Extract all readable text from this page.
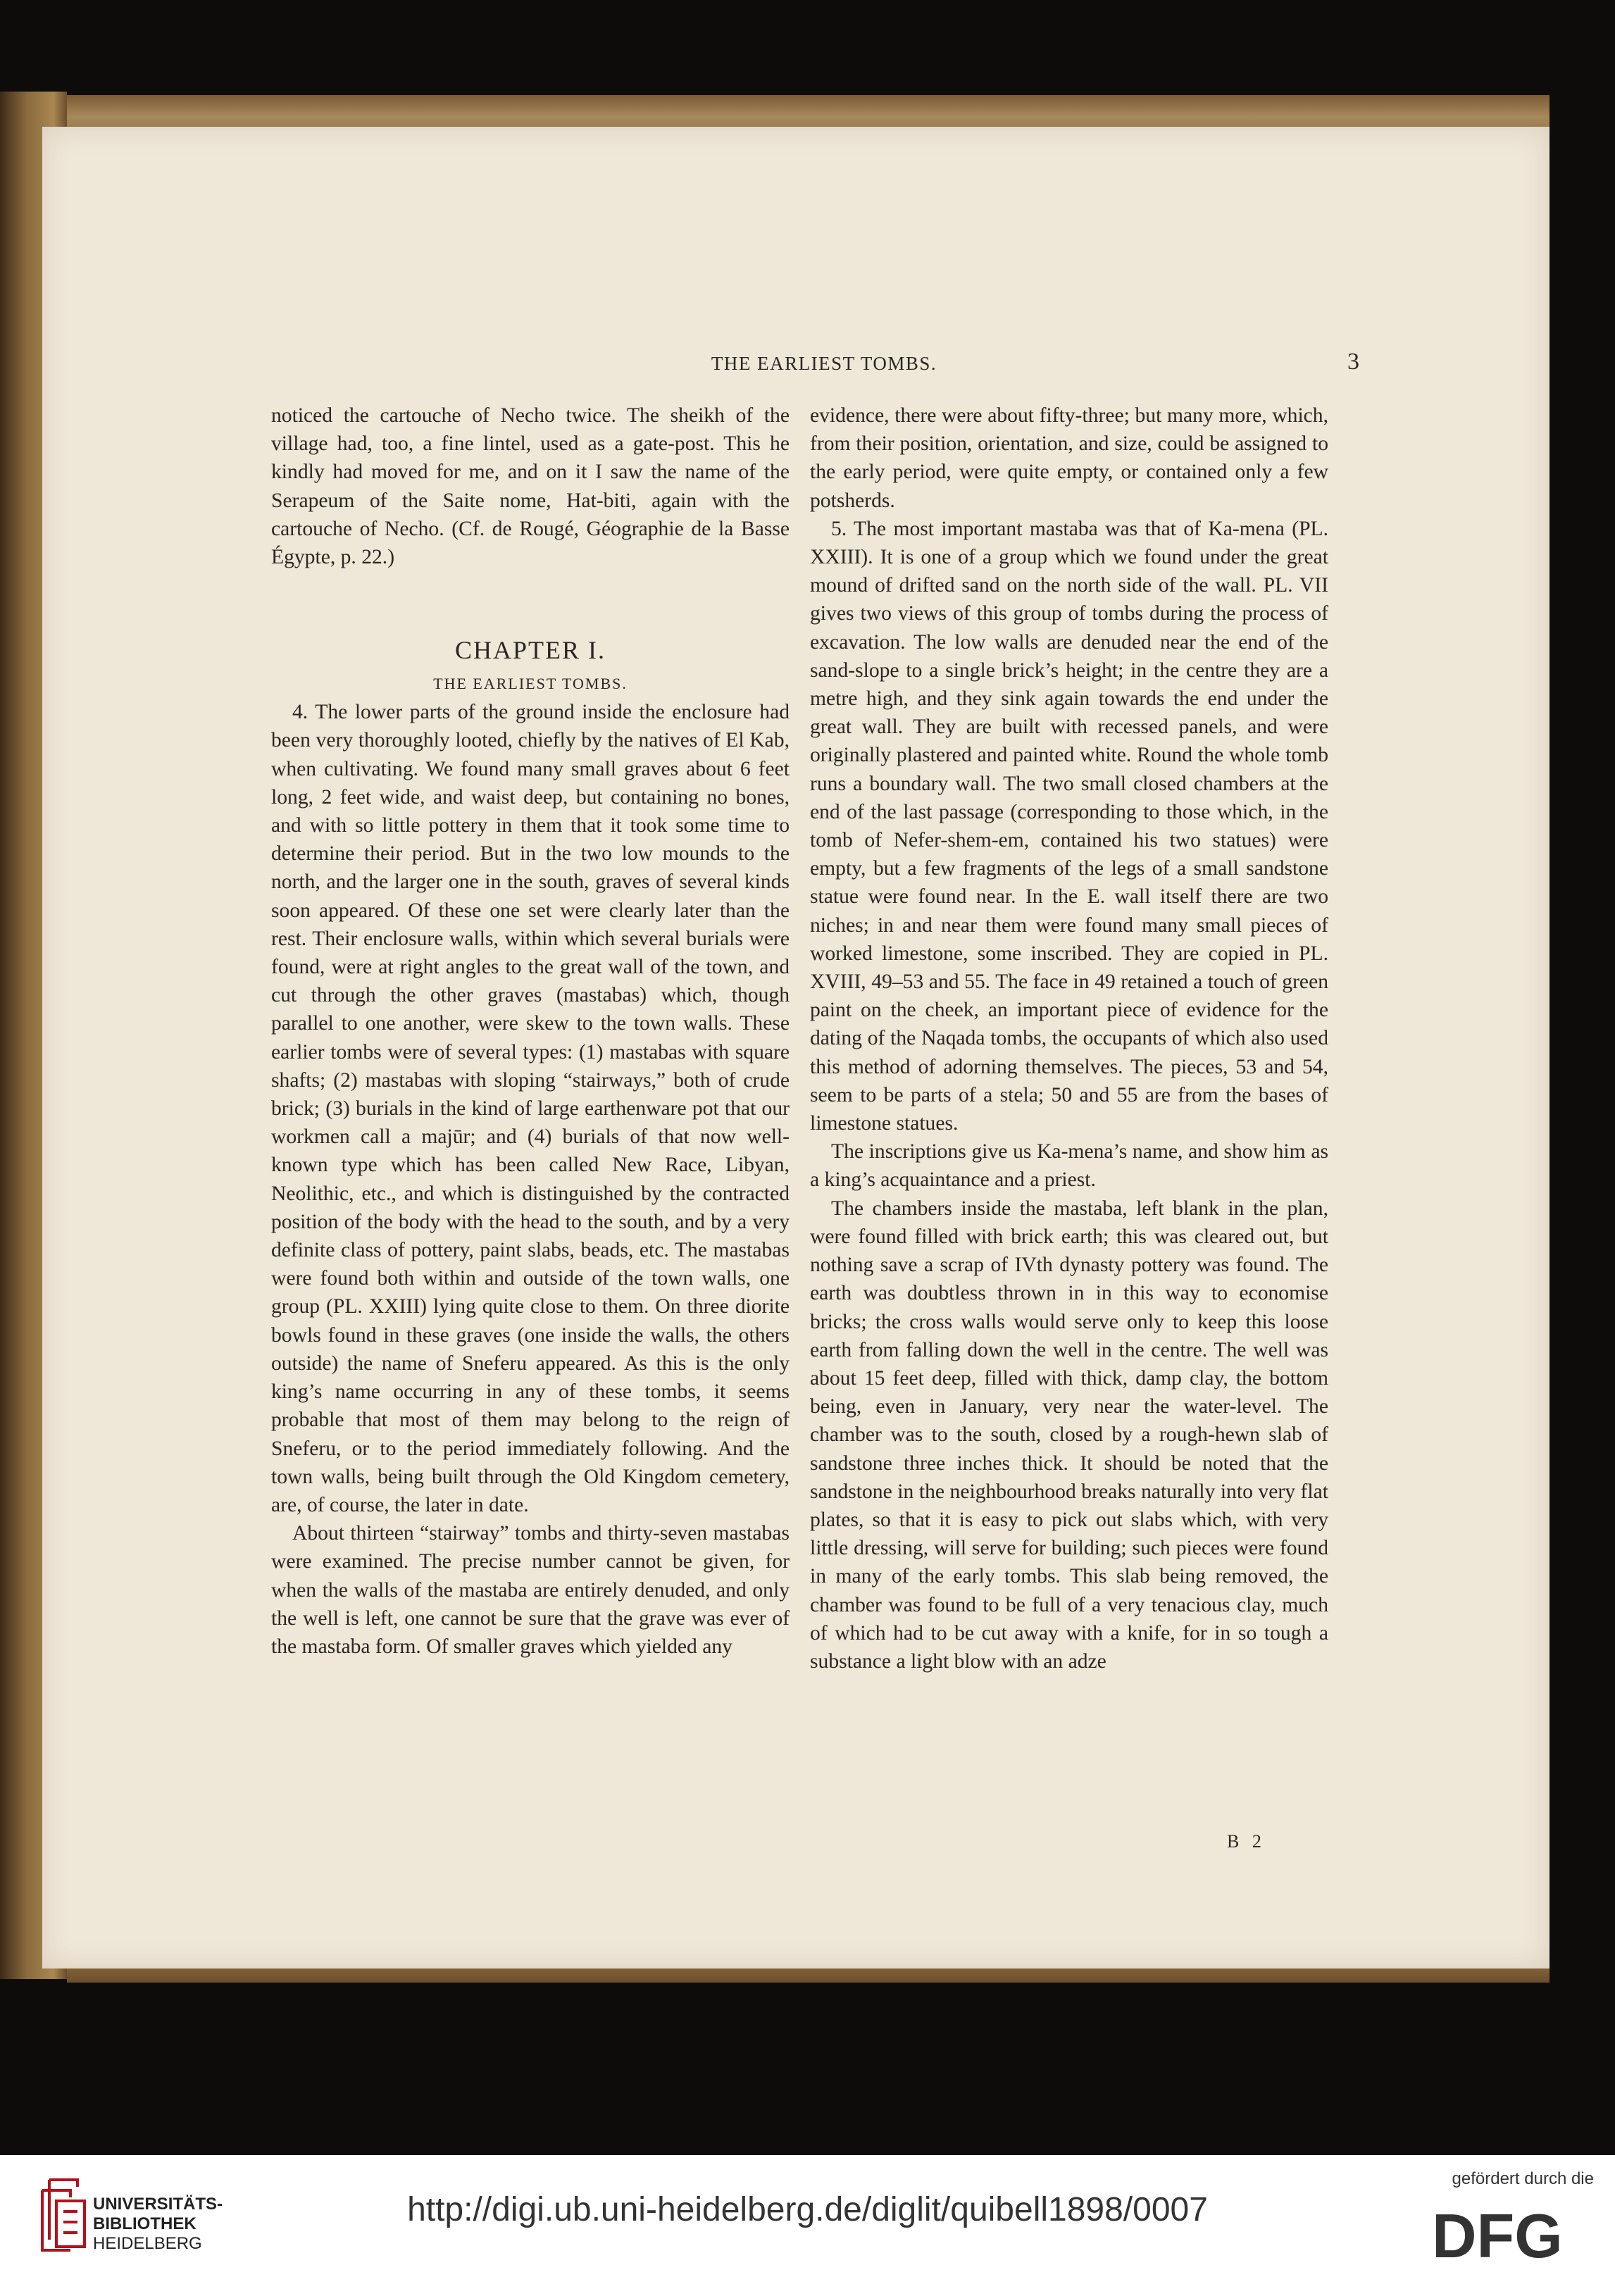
THE EARLIEST TOMBS.	3

noticed the cartouche of Necho twice. The sheikh of the village had, too, a fine lintel, used as a gate-post. This he kindly had moved for me, and on it I saw the name of the Serapeum of the Saite nome, Hat-biti, again with the cartouche of Necho. (Cf. de Rougé, Géographie de la Basse Égypte, p. 22.)

CHAPTER I.
THE EARLIEST TOMBS.

4. The lower parts of the ground inside the enclosure had been very thoroughly looted, chiefly by the natives of El Kab, when cultivating. We found many small graves about 6 feet long, 2 feet wide, and waist deep, but containing no bones, and with so little pottery in them that it took some time to determine their period. But in the two low mounds to the north, and the larger one in the south, graves of several kinds soon appeared. Of these one set were clearly later than the rest. Their enclosure walls, within which several burials were found, were at right angles to the great wall of the town, and cut through the other graves (mastabas) which, though parallel to one another, were skew to the town walls. These earlier tombs were of several types: (1) mastabas with square shafts; (2) mastabas with sloping “stairways,” both of crude brick; (3) burials in the kind of large earthenware pot that our workmen call a majūr; and (4) burials of that now well-known type which has been called New Race, Libyan, Neolithic, etc., and which is distinguished by the contracted position of the body with the head to the south, and by a very definite class of pottery, paint slabs, beads, etc. The mastabas were found both within and outside of the town walls, one group (PL. XXIII) lying quite close to them. On three diorite bowls found in these graves (one inside the walls, the others outside) the name of Sneferu appeared. As this is the only king’s name occurring in any of these tombs, it seems probable that most of them may belong to the reign of Sneferu, or to the period immediately following. And the town walls, being built through the Old Kingdom cemetery, are, of course, the later in date.

About thirteen “stairway” tombs and thirty-seven mastabas were examined. The precise number cannot be given, for when the walls of the mastaba are entirely denuded, and only the well is left, one cannot be sure that the grave was ever of the mastaba form. Of smaller graves which yielded any

evidence, there were about fifty-three; but many more, which, from their position, orientation, and size, could be assigned to the early period, were quite empty, or contained only a few potsherds.

5. The most important mastaba was that of Ka-mena (PL. XXIII). It is one of a group which we found under the great mound of drifted sand on the north side of the wall. PL. VII gives two views of this group of tombs during the process of excavation. The low walls are denuded near the end of the sand-slope to a single brick’s height; in the centre they are a metre high, and they sink again towards the end under the great wall. They are built with recessed panels, and were originally plastered and painted white. Round the whole tomb runs a boundary wall. The two small closed chambers at the end of the last passage (corresponding to those which, in the tomb of Nefer-shem-em, contained his two statues) were empty, but a few fragments of the legs of a small sandstone statue were found near. In the E. wall itself there are two niches; in and near them were found many small pieces of worked limestone, some inscribed. They are copied in PL. XVIII, 49–53 and 55. The face in 49 retained a touch of green paint on the cheek, an important piece of evidence for the dating of the Naqada tombs, the occupants of which also used this method of adorning themselves. The pieces, 53 and 54, seem to be parts of a stela; 50 and 55 are from the bases of limestone statues.

The inscriptions give us Ka-mena’s name, and show him as a king’s acquaintance and a priest.

The chambers inside the mastaba, left blank in the plan, were found filled with brick earth; this was cleared out, but nothing save a scrap of IVth dynasty pottery was found. The earth was doubtless thrown in in this way to economise bricks; the cross walls would serve only to keep this loose earth from falling down the well in the centre. The well was about 15 feet deep, filled with thick, damp clay, the bottom being, even in January, very near the water-level. The chamber was to the south, closed by a rough-hewn slab of sandstone three inches thick. It should be noted that the sandstone in the neighbourhood breaks naturally into very flat plates, so that it is easy to pick out slabs which, with very little dressing, will serve for building; such pieces were found in many of the early tombs. This slab being removed, the chamber was found to be full of a very tenacious clay, much of which had to be cut away with a knife, for in so tough a substance a light blow with an adze

B 2
UNIVERSITÄTS-
BIBLIOTHEK
HEIDELBERG
http://digi.ub.uni-heidelberg.de/diglit/quibell1898/0007
gefördert durch die
DFG
